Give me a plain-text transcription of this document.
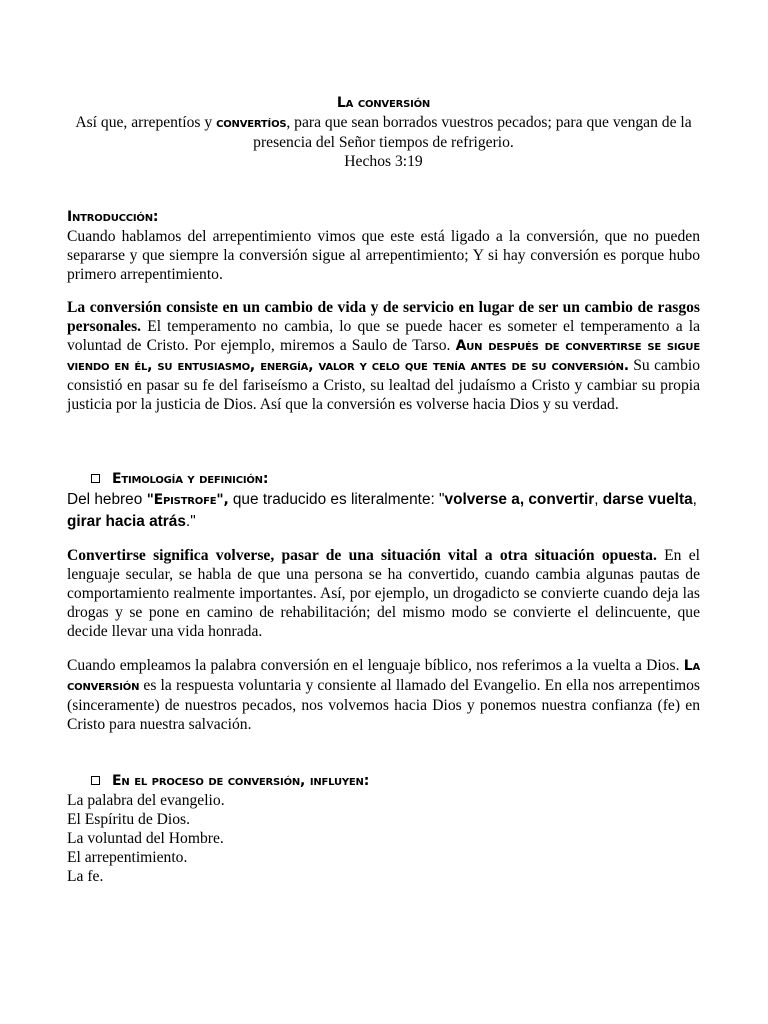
La conversión
Así que, arrepentíos y convertíos, para que sean borrados vuestros pecados; para que vengan de la presencia del Señor tiempos de refrigerio.
Hechos 3:19
Introducción:
Cuando hablamos del arrepentimiento vimos que este está ligado a la conversión, que no pueden separarse y que siempre la conversión sigue al arrepentimiento; Y si hay conversión es porque hubo primero arrepentimiento.
La conversión consiste en un cambio de vida y de servicio en lugar de ser un cambio de rasgos personales. El temperamento no cambia, lo que se puede hacer es someter el temperamento a la voluntad de Cristo. Por ejemplo, miremos a Saulo de Tarso. Aun después de convertirse se sigue viendo en él, su entusiasmo, energía, valor y celo que tenía antes de su conversión. Su cambio consistió en pasar su fe del fariseísmo a Cristo, su lealtad del judaísmo a Cristo y cambiar su propia justicia por la justicia de Dios. Así que la conversión es volverse hacia Dios y su verdad.
Etimología y definición:
Del hebreo "Epistrofe", que traducido es literalmente: "volverse a, convertir, darse vuelta, girar hacia atrás."
Convertirse significa volverse, pasar de una situación vital a otra situación opuesta. En el lenguaje secular, se habla de que una persona se ha convertido, cuando cambia algunas pautas de comportamiento realmente importantes. Así, por ejemplo, un drogadicto se convierte cuando deja las drogas y se pone en camino de rehabilitación; del mismo modo se convierte el delincuente, que decide llevar una vida honrada.
Cuando empleamos la palabra conversión en el lenguaje bíblico, nos referimos a la vuelta a Dios. La conversión es la respuesta voluntaria y consiente al llamado del Evangelio. En ella nos arrepentimos (sinceramente) de nuestros pecados, nos volvemos hacia Dios y ponemos nuestra confianza (fe) en Cristo para nuestra salvación.
En el proceso de conversión, influyen:
La palabra del evangelio.
El Espíritu de Dios.
La voluntad del Hombre.
El arrepentimiento.
La fe.
